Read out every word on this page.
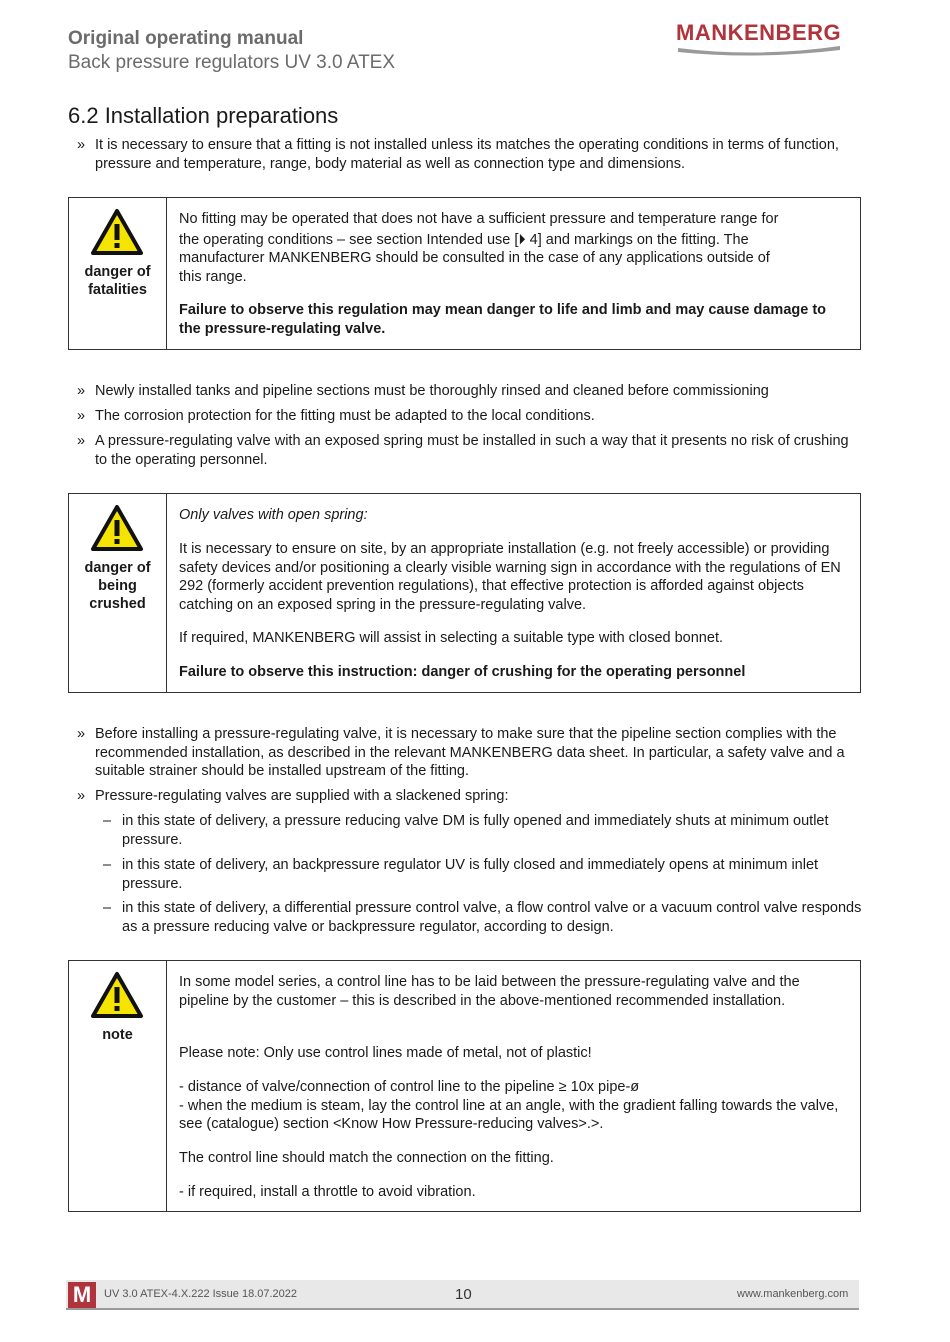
Original operating manual
Back pressure regulators UV 3.0 ATEX
MANKENBERG
6.2 Installation preparations
» It is necessary to ensure that a fitting is not installed unless its matches the operating conditions in terms of function, pressure and temperature, range, body material as well as connection type and dimensions.
danger of
fatalities
No fitting may be operated that does not have a sufficient pressure and temperature range for
the operating conditions – see section Intended use [⏵ 4] and markings on the fitting. The
manufacturer MANKENBERG should be consulted in the case of any applications outside of
this range.
Failure to observe this regulation may mean danger to life and limb and may cause damage to the pressure-regulating valve.
» Newly installed tanks and pipeline sections must be thoroughly rinsed and cleaned before commissioning
» The corrosion protection for the fitting must be adapted to the local conditions.
» A pressure-regulating valve with an exposed spring must be installed in such a way that it presents no risk of crushing to the operating personnel.
danger of
being
crushed
Only valves with open spring:
It is necessary to ensure on site, by an appropriate installation (e.g. not freely accessible) or providing safety devices and/or positioning a clearly visible warning sign in accordance with the regulations of EN 292 (formerly accident prevention regulations), that effective protection is afforded against objects catching on an exposed spring in the pressure-regulating valve.
If required, MANKENBERG will assist in selecting a suitable type with closed bonnet.
Failure to observe this instruction: danger of crushing for the operating personnel
» Before installing a pressure-regulating valve, it is necessary to make sure that the pipeline section complies with the recommended installation, as described in the relevant MANKENBERG data sheet. In particular, a safety valve and a suitable strainer should be installed upstream of the fitting.
» Pressure-regulating valves are supplied with a slackened spring:
– in this state of delivery, a pressure reducing valve DM is fully opened and immediately shuts at minimum outlet pressure.
– in this state of delivery, an backpressure regulator UV is fully closed and immediately opens at minimum inlet pressure.
– in this state of delivery, a differential pressure control valve, a flow control valve or a vacuum control valve responds as a pressure reducing valve or backpressure regulator, according to design.
note
In some model series, a control line has to be laid between the pressure-regulating valve and the pipeline by the customer – this is described in the above-mentioned recommended installation.
Please note: Only use control lines made of metal, not of plastic!
- distance of valve/connection of control line to the pipeline ≥ 10x pipe-ø
- when the medium is steam, lay the control line at an angle, with the gradient falling towards the valve, see (catalogue) section <Know How Pressure-reducing valves>.>.
The control line should match the connection on the fitting.
- if required, install a throttle to avoid vibration.
M	UV 3.0 ATEX-4.X.222 Issue 18.07.2022	10	www.mankenberg.com
